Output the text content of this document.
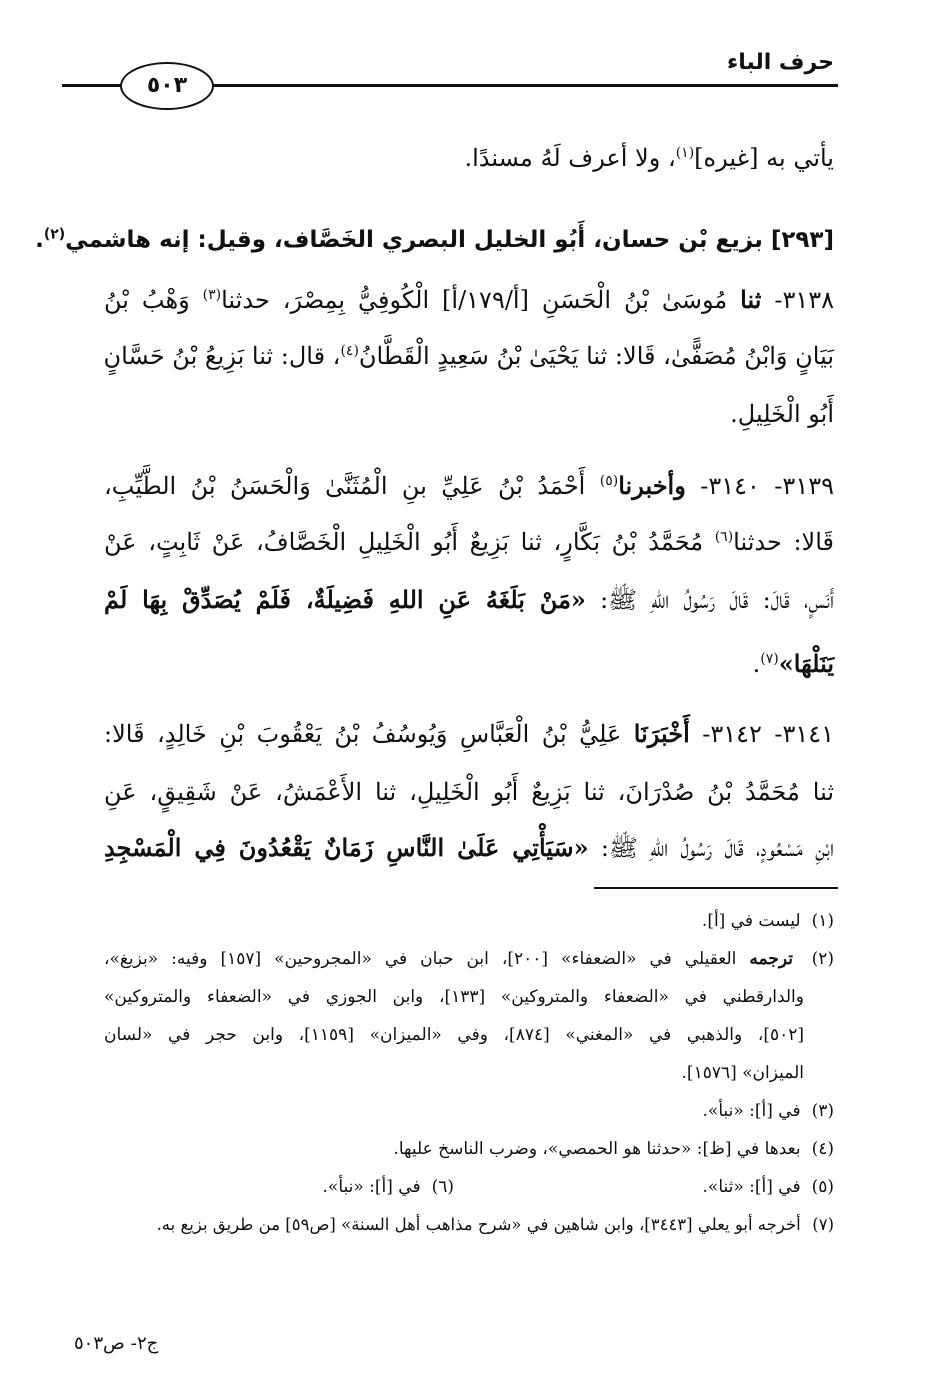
حرف الباء
٥٠٣
يأتي به [غيره]$^{(١)}$، ولا أعرف لَهُ مسندًا.
[٢٩٣] بزيع بْن حسان، أَبُو الخليل البصري الخَصَّاف، وقيل: إنه هاشمي$^{(٢)}$.
٣١٣٨- ثنا مُوسَىٰ بْنُ الْحَسَنِ [أ/١٧٩/أ] الْكُوفِيُّ بِمِصْرَ، حدثنا$^{(٣)}$ وَهْبُ بْنُ
بَيَانٍ وَابْنُ مُصَفًّىٰ، قَالا: ثنا يَحْيَىٰ بْنُ سَعِيدٍ الْقَطَّانُ$^{(٤)}$، قال: ثنا بَزِيعُ بْنُ حَسَّانٍ
أَبُو الْخَلِيلِ.
٣١٣٩- ٣١٤٠- وأخبرنا$^{(٥)}$ أَحْمَدُ بْنُ عَلِيِّ بنِ الْمُثَنَّىٰ وَالْحَسَنُ بْنُ الطَّيِّبِ،
قَالا: حدثنا$^{(٦)}$ مُحَمَّدُ بْنُ بَكَّارٍ، ثنا بَزِيعٌ أَبُو الْخَلِيلِ الْخَصَّافُ، عَنْ ثَابِتٍ، عَنْ
أَنَسٍ، قَالَ: قَالَ رَسُولُ اللهِ ﷺ: «مَنْ بَلَغَهُ عَنِ اللهِ فَضِيلَةٌ، فَلَمْ يُصَدِّقْ بِهَا لَمْ
يَنَلْهَا»$^{(٧)}$.
٣١٤١- ٣١٤٢- أَخْبَرَنَا عَلِيُّ بْنُ الْعَبَّاسِ وَيُوسُفُ بْنُ يَعْقُوبَ بْنِ خَالِدٍ، قَالا:
ثنا مُحَمَّدُ بْنُ صُدْرَانَ، ثنا بَزِيعٌ أَبُو الْخَلِيلِ، ثنا الأَعْمَشُ، عَنْ شَقِيقٍ، عَنِ
ابْنِ مَسْعُودٍ، قَالَ رَسُولُ اللهِ ﷺ: «سَيَأْتِي عَلَىٰ النَّاسِ زَمَانٌ يَقْعُدُونَ فِي الْمَسْجِدِ
(١) ليست في [أ].
(٢) ترجمه العقيلي في «الضعفاء» [٢٠٠]، ابن حبان في «المجروحين» [١٥٧] وفيه: «بزيغ»،
والدارقطني في «الضعفاء والمتروكين» [١٣٣]، وابن الجوزي في «الضعفاء والمتروكين»
[٥٠٢]، والذهبي في «المغني» [٨٧٤]، وفي «الميزان» [١١٥٩]، وابن حجر في «لسان
الميزان» [١٥٧٦].
(٣) في [أ]: «نبأ».
(٤) بعدها في [ظ]: «حدثنا هو الحمصي»، وضرب الناسخ عليها.
(٥) في [أ]: «ثنا».
(٦) في [أ]: «نبأ».
(٧) أخرجه أبو يعلي [٣٤٤٣]، وابن شاهين في «شرح مذاهب أهل السنة» [ص٥٩] من طريق بزيع به.
ج٢- ص٥٠٣
